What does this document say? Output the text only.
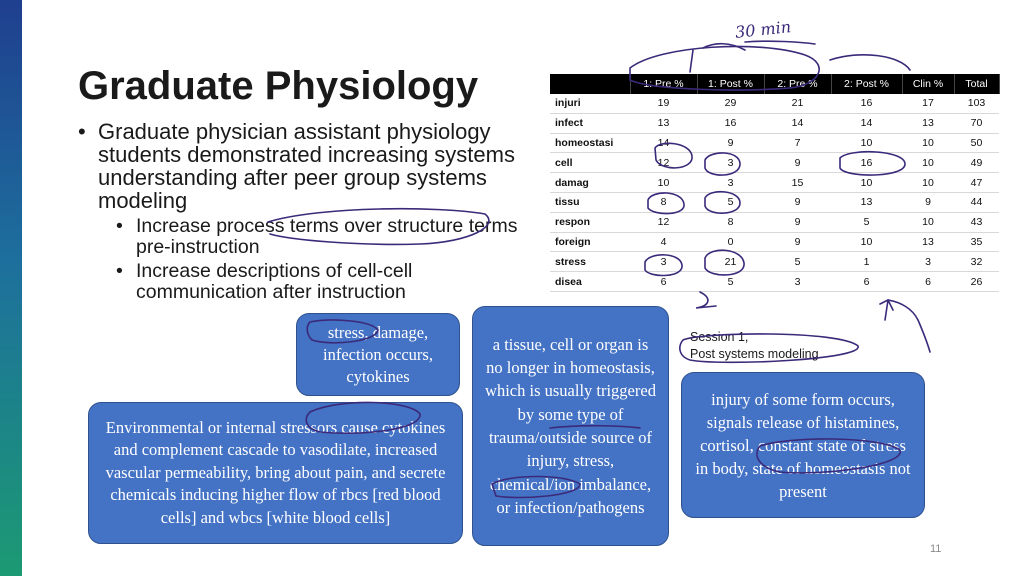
Graduate Physiology
• Graduate physician assistant physiology students demonstrated increasing systems understanding after peer group systems modeling
• Increase process terms over structure terms pre-instruction
• Increase descriptions of cell-cell communication after instruction
	1: Pre %	1: Post %	2: Pre %	2: Post %	Clin %	Total
injuri	19	29	21	16	17	103
infect	13	16	14	14	13	70
homeostasi	14	9	7	10	10	50
cell	12	3	9	16	10	49
damag	10	3	15	10	10	47
tissu	8	5	9	13	9	44
respon	12	8	9	5	10	43
foreign	4	0	9	10	13	35
stress	3	21	5	1	3	32
disea	6	5	3	6	6	26
stress, damage, infection occurs, cytokines
Environmental or internal stressors cause cytokines and complement cascade to vasodilate, increased vascular permeability, bring about pain, and secrete chemicals inducing higher flow of rbcs [red blood cells] and wbcs [white blood cells]
a tissue, cell or organ is no longer in homeostasis, which is usually triggered by some type of trauma/outside source of injury, stress, chemical/ion imbalance, or infection/pathogens
injury of some form occurs, signals release of histamines, cortisol, constant state of stress in body, state of homeostasis not present
Session 1,
Post systems modeling
30 min
11
